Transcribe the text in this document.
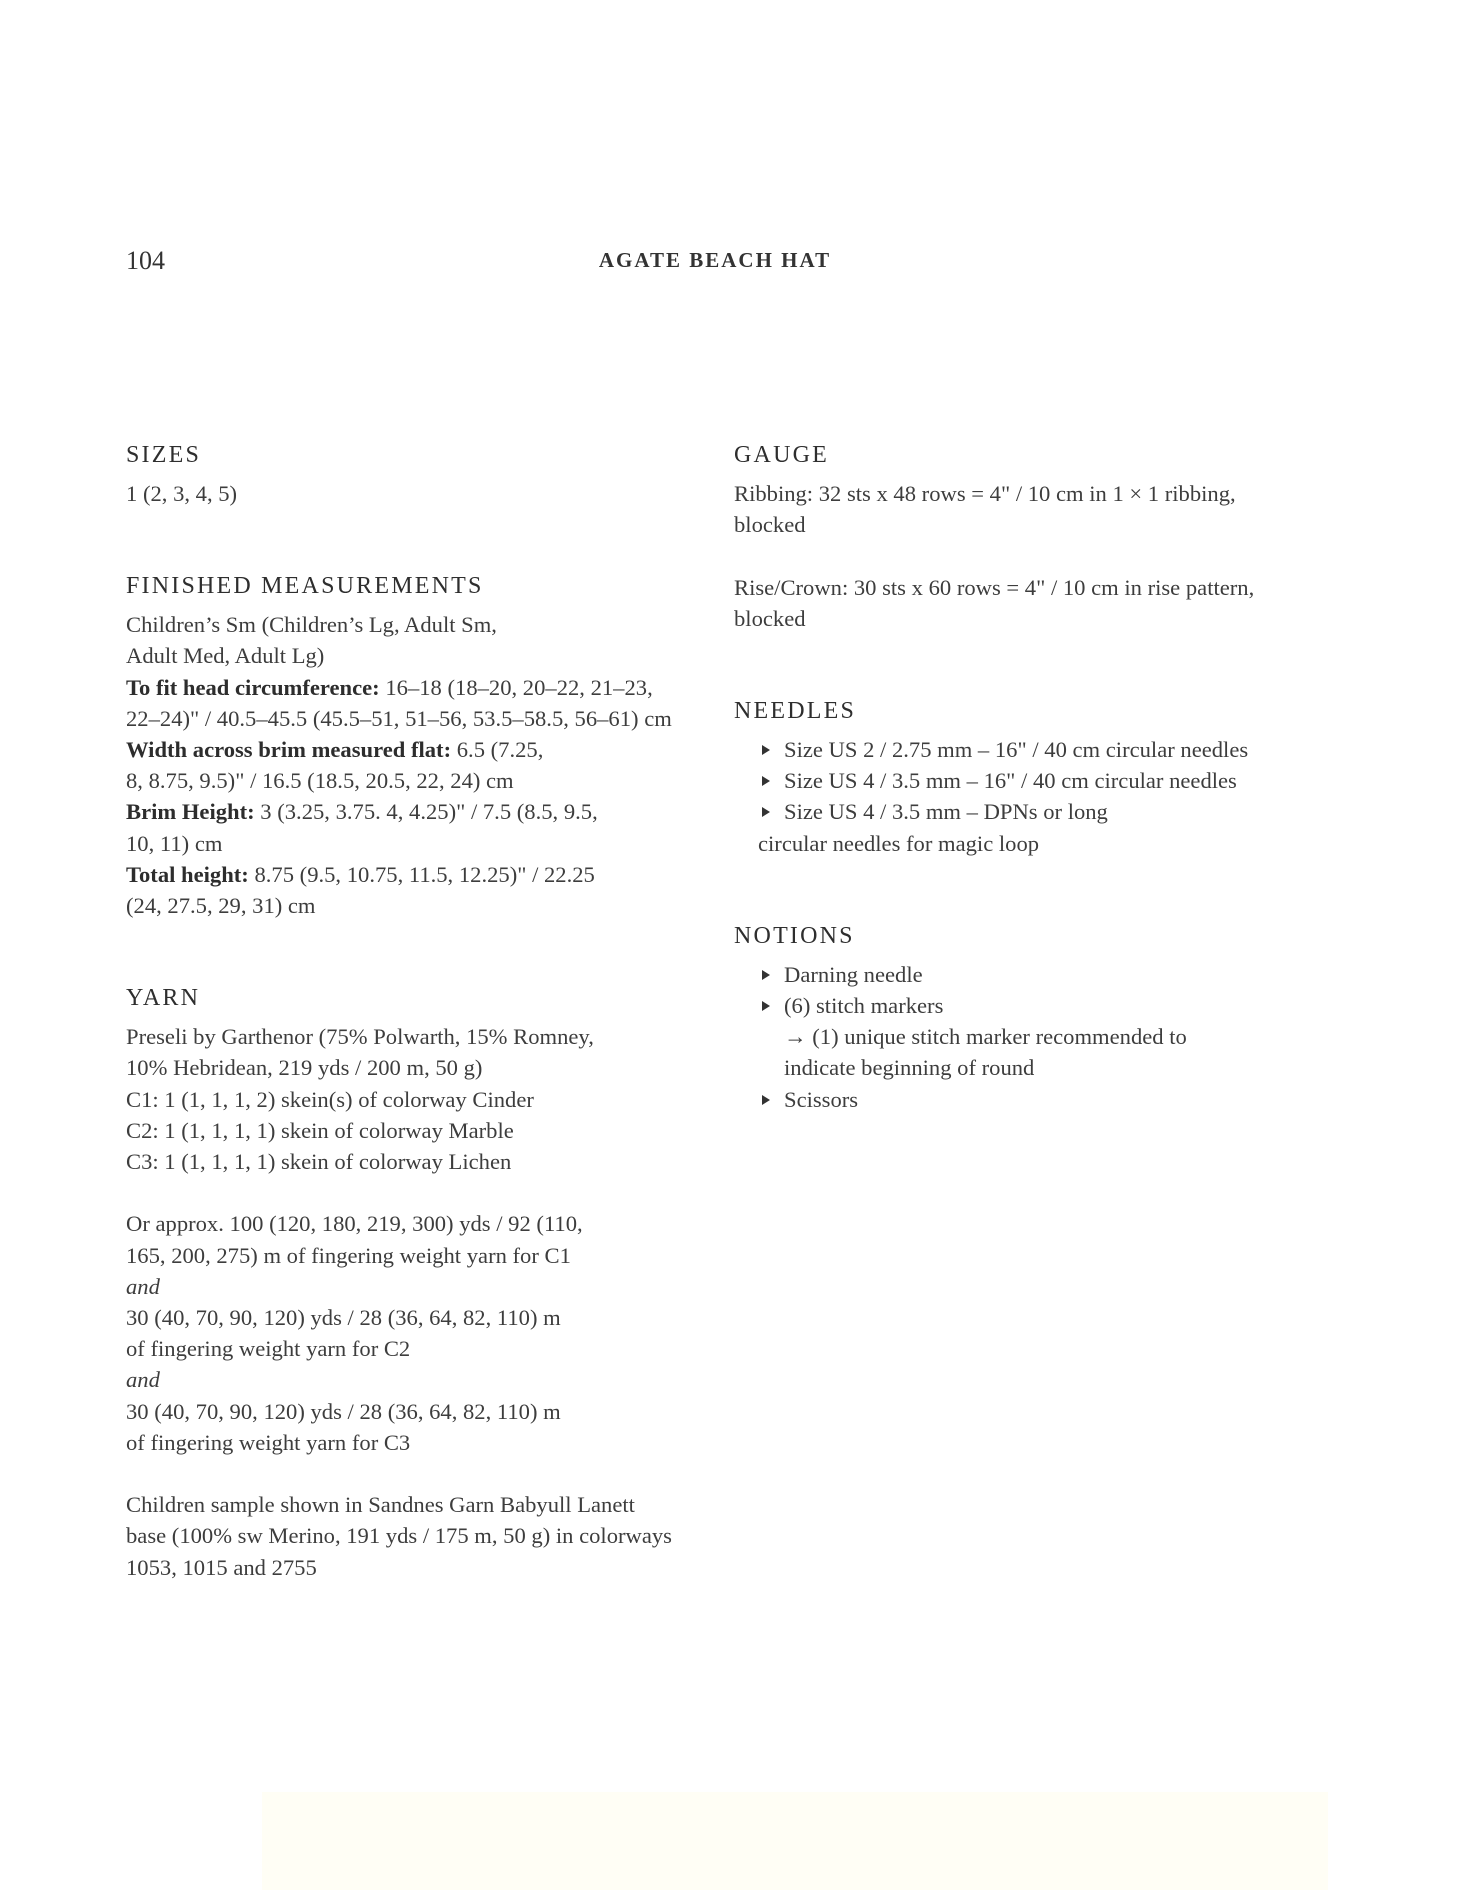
104	AGATE BEACH HAT
SIZES
1 (2, 3, 4, 5)
FINISHED MEASUREMENTS
Children’s Sm (Children’s Lg, Adult Sm,
Adult Med, Adult Lg)
To fit head circumference: 16–18 (18–20, 20–22, 21–23,
22–24)" / 40.5–45.5 (45.5–51, 51–56, 53.5–58.5, 56–61) cm
Width across brim measured flat: 6.5 (7.25,
8, 8.75, 9.5)" / 16.5 (18.5, 20.5, 22, 24) cm
Brim Height: 3 (3.25, 3.75. 4, 4.25)" / 7.5 (8.5, 9.5,
10, 11) cm
Total height: 8.75 (9.5, 10.75, 11.5, 12.25)" / 22.25
(24, 27.5, 29, 31) cm
YARN
Preseli by Garthenor (75% Polwarth, 15% Romney,
10% Hebridean, 219 yds / 200 m, 50 g)
C1: 1 (1, 1, 1, 2) skein(s) of colorway Cinder
C2: 1 (1, 1, 1, 1) skein of colorway Marble
C3: 1 (1, 1, 1, 1) skein of colorway Lichen
Or approx. 100 (120, 180, 219, 300) yds / 92 (110,
165, 200, 275) m of fingering weight yarn for C1
and
30 (40, 70, 90, 120) yds / 28 (36, 64, 82, 110) m
of fingering weight yarn for C2
and
30 (40, 70, 90, 120) yds / 28 (36, 64, 82, 110) m
of fingering weight yarn for C3
Children sample shown in Sandnes Garn Babyull Lanett
base (100% sw Merino, 191 yds / 175 m, 50 g) in colorways
1053, 1015 and 2755
GAUGE
Ribbing: 32 sts x 48 rows = 4" / 10 cm in 1 × 1 ribbing,
blocked
Rise/Crown: 30 sts x 60 rows = 4" / 10 cm in rise pattern,
blocked
NEEDLES
Size US 2 / 2.75 mm – 16" / 40 cm circular needles
Size US 4 / 3.5 mm – 16" / 40 cm circular needles
Size US 4 / 3.5 mm – DPNs or long
circular needles for magic loop
NOTIONS
Darning needle
(6) stitch markers
→ (1) unique stitch marker recommended to
indicate beginning of round
Scissors
